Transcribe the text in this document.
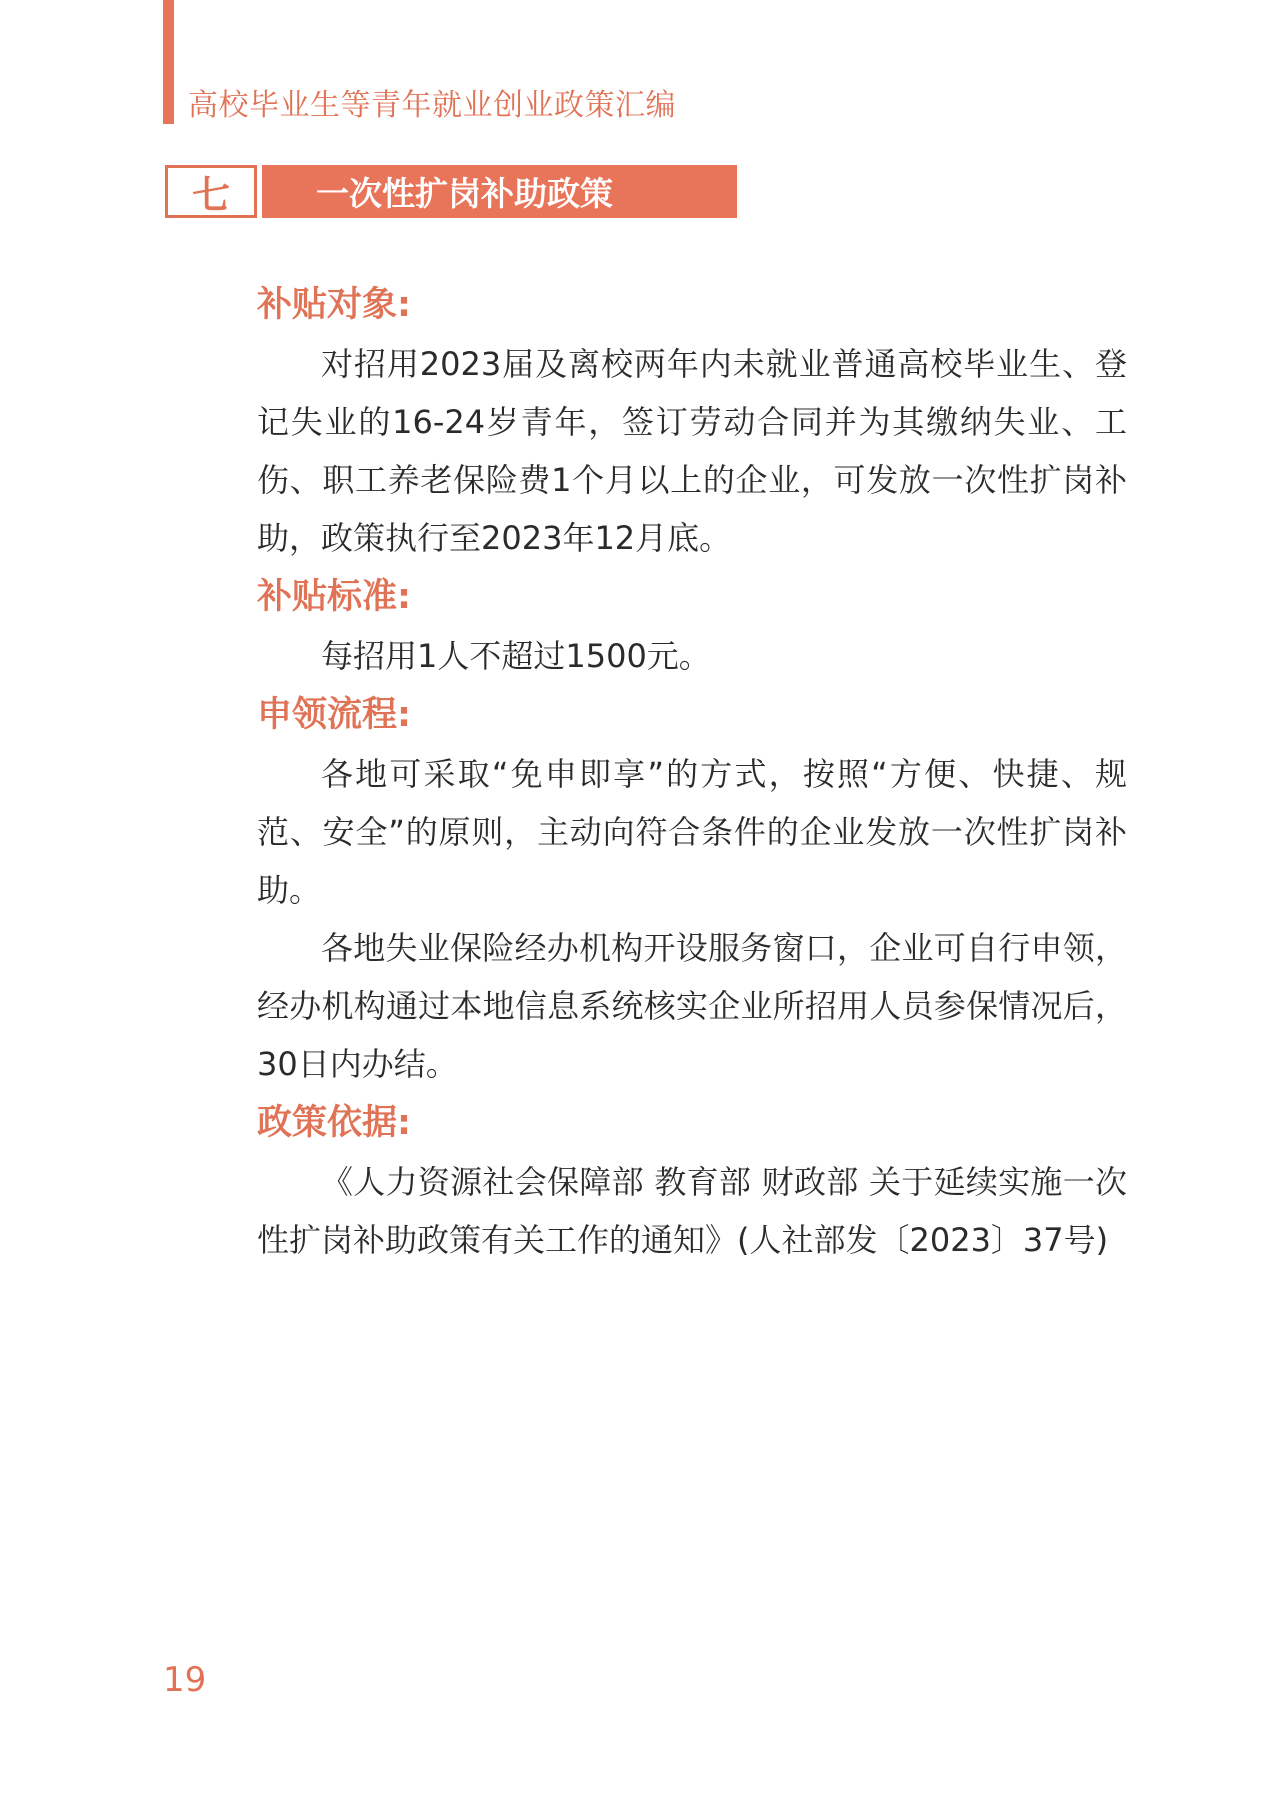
高校毕业生等青年就业创业政策汇编
七	一次性扩岗补助政策
补贴对象:

对招用2023届及离校两年内未就业普通高校毕业生、登记失业的16-24岁青年，签订劳动合同并为其缴纳失业、工伤、职工养老保险费1个月以上的企业，可发放一次性扩岗补助，政策执行至2023年12月底。

补贴标准:

每招用1人不超过1500元。

申领流程:

各地可采取“免申即享”的方式，按照“方便、快捷、规范、安全”的原则，主动向符合条件的企业发放一次性扩岗补助。

各地失业保险经办机构开设服务窗口，企业可自行申领，经办机构通过本地信息系统核实企业所招用人员参保情况后，30日内办结。

政策依据:

《人力资源社会保障部 教育部 财政部 关于延续实施一次性扩岗补助政策有关工作的通知》(人社部发〔2023〕37号)

19
